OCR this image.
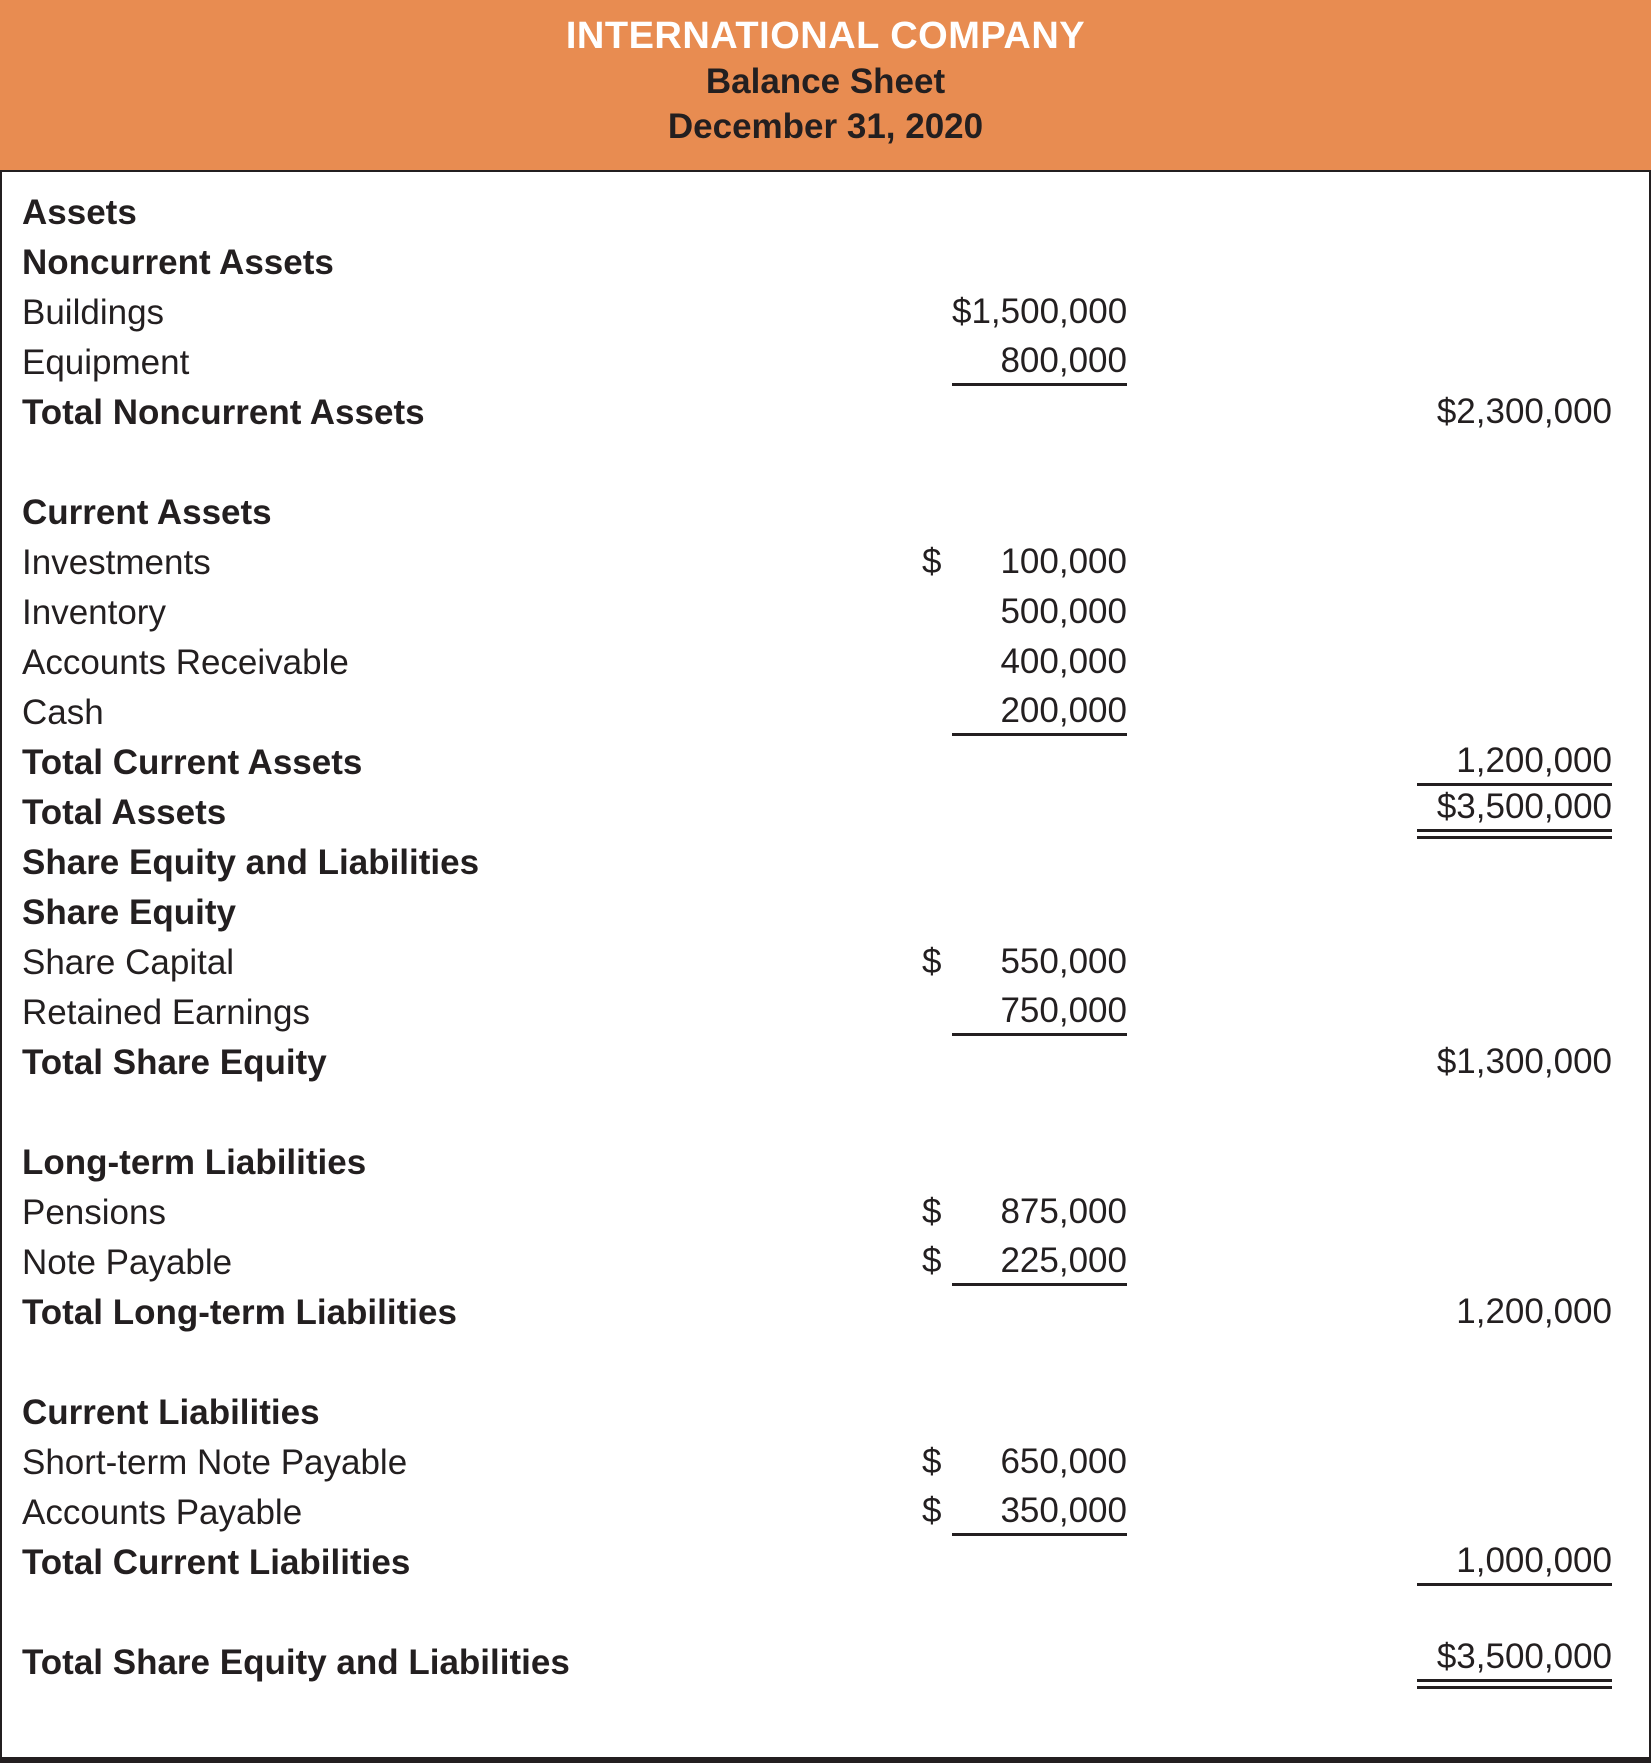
INTERNATIONAL COMPANY
Balance Sheet
December 31, 2020
Assets
Noncurrent Assets
Buildings	$1,500,000
Equipment	800,000
Total Noncurrent Assets	$2,300,000
Current Assets
Investments	$	100,000
Inventory	500,000
Accounts Receivable	400,000
Cash	200,000
Total Current Assets	1,200,000
Total Assets	$3,500,000
Share Equity and Liabilities
Share Equity
Share Capital	$	550,000
Retained Earnings	750,000
Total Share Equity	$1,300,000
Long-term Liabilities
Pensions	$	875,000
Note Payable	$	225,000
Total Long-term Liabilities	1,200,000
Current Liabilities
Short-term Note Payable	$	650,000
Accounts Payable	$	350,000
Total Current Liabilities	1,000,000
Total Share Equity and Liabilities	$3,500,000
